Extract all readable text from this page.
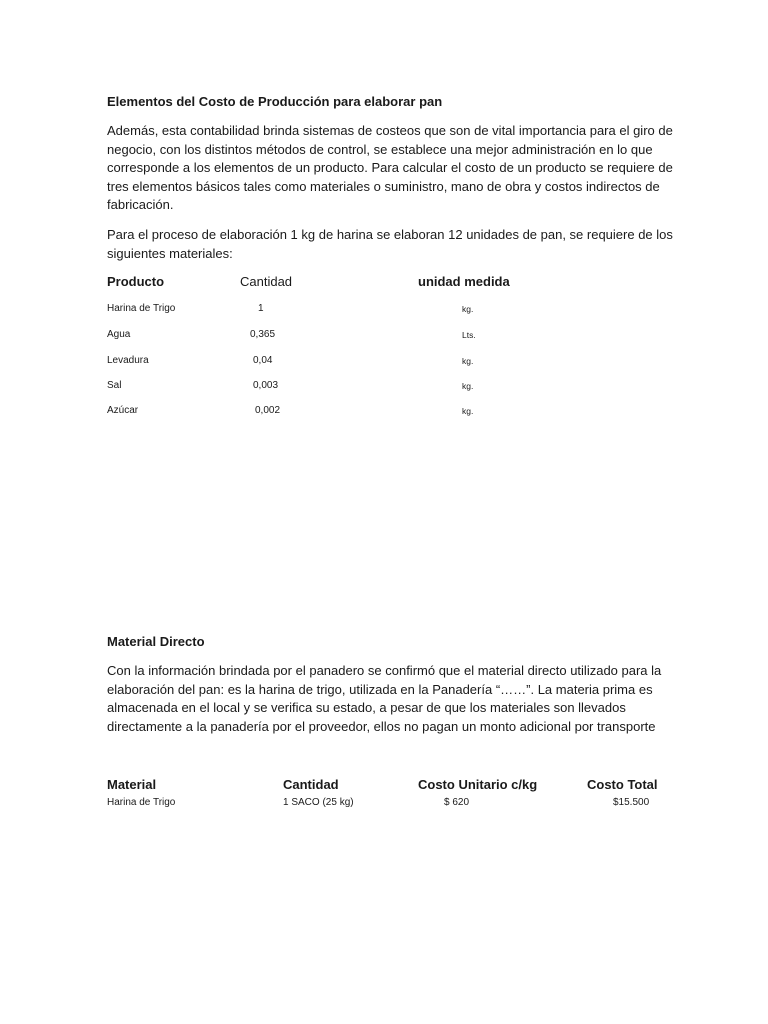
Elementos del Costo de Producción para elaborar pan
Además, esta contabilidad brinda sistemas de costeos que son de vital importancia para el giro de
negocio, con los distintos métodos de control, se establece una mejor administración en lo que
corresponde a los elementos de un producto. Para calcular el costo de un producto se requiere de
tres elementos básicos tales como materiales o suministro, mano de obra y costos indirectos de
fabricación.
Para el proceso de elaboración 1 kg de harina se elaboran 12 unidades de pan, se requiere de los
siguientes materiales:
Producto	Cantidad	unidad medida
Harina de Trigo	1	kg.
Agua	0,365	Lts.
Levadura	0,04	kg.
Sal	0,003	kg.
Azúcar	0,002	kg.
Material Directo
Con la información brindada por el panadero se confirmó que el material directo utilizado para la
elaboración del pan: es la harina de trigo, utilizada en la Panadería “……”. La materia prima es
almacenada en el local y se verifica su estado, a pesar de que los materiales son llevados
directamente a la panadería por el proveedor, ellos no pagan un monto adicional por transporte
Material	Cantidad	Costo Unitario c/kg	Costo Total
Harina de Trigo	1 SACO (25 kg)	$ 620	$15.500
